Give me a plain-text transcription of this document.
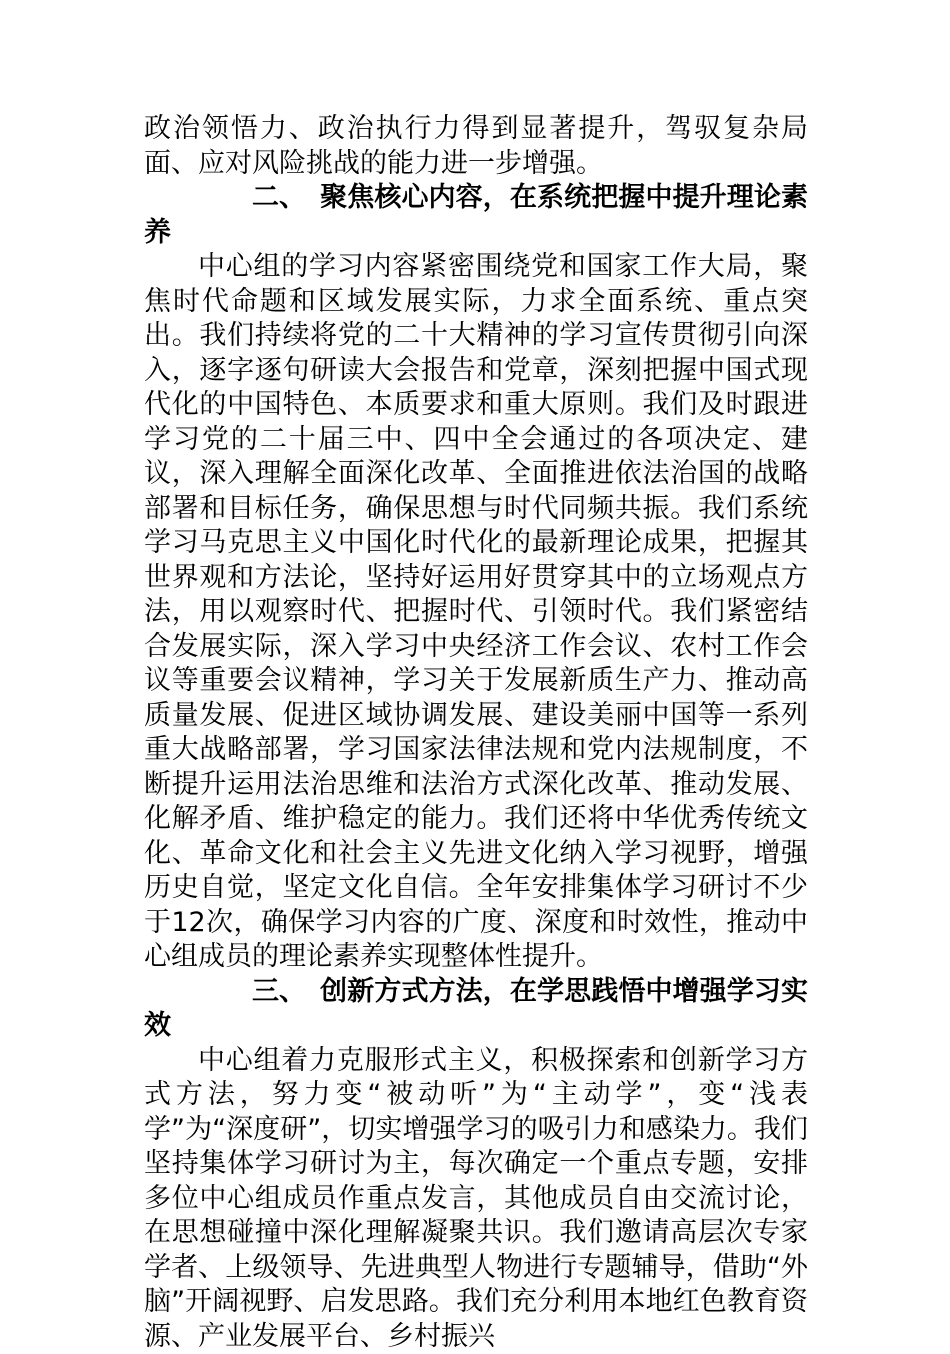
政治领悟力、政治执行力得到显著提升，驾驭复杂局面、应对风险挑战的能力进一步增强。

二、 聚焦核心内容，在系统把握中提升理论素养

中心组的学习内容紧密围绕党和国家工作大局，聚焦时代命题和区域发展实际，力求全面系统、重点突出。我们持续将党的二十大精神的学习宣传贯彻引向深入，逐字逐句研读大会报告和党章，深刻把握中国式现代化的中国特色、本质要求和重大原则。我们及时跟进学习党的二十届三中、四中全会通过的各项决定、建议，深入理解全面深化改革、全面推进依法治国的战略部署和目标任务，确保思想与时代同频共振。我们系统学习马克思主义中国化时代化的最新理论成果，把握其世界观和方法论，坚持好运用好贯穿其中的立场观点方法，用以观察时代、把握时代、引领时代。我们紧密结合发展实际，深入学习中央经济工作会议、农村工作会议等重要会议精神，学习关于发展新质生产力、推动高质量发展、促进区域协调发展、建设美丽中国等一系列重大战略部署，学习国家法律法规和党内法规制度，不断提升运用法治思维和法治方式深化改革、推动发展、化解矛盾、维护稳定的能力。我们还将中华优秀传统文化、革命文化和社会主义先进文化纳入学习视野，增强历史自觉，坚定文化自信。全年安排集体学习研讨不少于12次，确保学习内容的广度、深度和时效性，推动中心组成员的理论素养实现整体性提升。

三、 创新方式方法，在学思践悟中增强学习实效

中心组着力克服形式主义，积极探索和创新学习方式方法，努力变“被动听”为“主动学”，变“浅表学”为“深度研”，切实增强学习的吸引力和感染力。我们坚持集体学习研讨为主，每次确定一个重点专题，安排多位中心组成员作重点发言，其他成员自由交流讨论，在思想碰撞中深化理解凝聚共识。我们邀请高层次专家学者、上级领导、先进典型人物进行专题辅导，借助“外脑”开阔视野、启发思路。我们充分利用本地红色教育资源、产业发展平台、乡村振兴
